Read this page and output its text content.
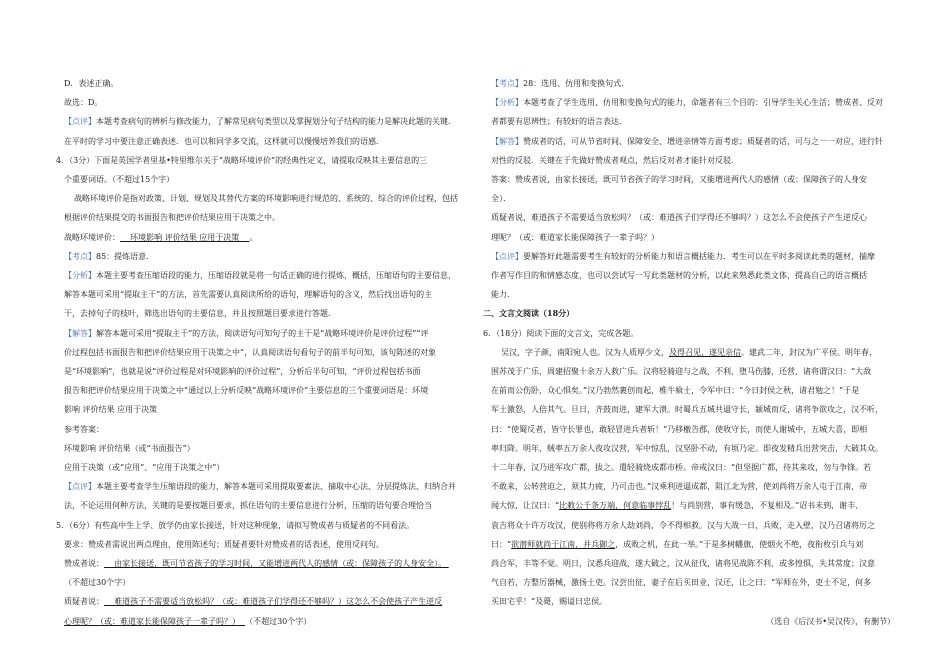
D．表述正确。

故选：D。

【点评】本题考查病句的辨析与修改能力，了解常见病句类型以及掌握划分句子结构的能力是解决此题的关键．

在平时的学习中要注意正确表述．也可以和同学多交流，这样就可以慢慢培养我们的语感．

4．（3分）下面是英国学者里基•特里维尔关于“战略环境评价”的经典性定义，请提取反映其主要信息的三

个重要词语。（不超过15个字）

战略环境评价是指对政策、计划、规划及其替代方案的环境影响进行规范的、系统的、综合的评价过程，包括

根据评价结果提交的书面报告和把评价结果应用于决策之中。

战略环境评价：    环境影响 评价结果 应用于决策    。

【考点】85：提炼语意．

【分析】本题主要考查压缩语段的能力，压缩语段就是将一句话正确的进行提炼，概括，压缩语句的主要信息，

解答本题可采用“提取主干”的方法，首先需要认真阅读所给的语句，理解语句的含义，然后找出语句的主

干，去掉句子的枝叶，筛选出语句的主要信息，并且按照题目要求进行答题．

【解答】解答本题可采用“提取主干”的方法，阅读语句可知句子的主干是“战略环境评价是评价过程”“评

价过程包括书面报告和把评价结果应用于决策之中”，认真阅读语句看句子的前半句可知，该句陈述的对象

是“环境影响”，也就是说“评价过程是对环境影响的评价过程”，分析后半句可知，“评价过程包括书面

报告和把评价结果应用于决策之中”通过以上分析反映“战略环境评价”主要信息的三个重要词语是：环境

影响 评价结果 应用于决策

参考答案：

环境影响 评价结果（或“书面报告”）

应用于决策（或“应用”、“应用于决策之中”）

【点评】本题主要考查学生压缩语段的能力，解答本题可采用提取要素法、摘取中心法、分层提炼法、归纳合并

法，不论运用何种方法，关键的是要按题目要求，抓住语句的主要信息进行分析，压缩的语句要合理恰当

5．（6分）有些高中生上学、放学仍由家长接送，针对这种现象，请拟写赞成者与质疑者的不同看法。

要求：赞成者需说出两点理由，使用陈述句；质疑者要针对赞成者的话表述，使用反问句。

赞成者说：    由家长接送，既可节省孩子的学习时间，又能增进两代人的感情（或：保障孩子的人身安全）。

（不超过30个字）

质疑者说：    难道孩子不需要适当放松吗？（或：难道孩子们学得还不够吗？）这怎么不会使孩子产生逆反

心理呢？（或：难道家长能保障孩子一辈子吗？）  （不超过30个字）

【考点】28：选用、仿用和变换句式．

【分析】本题考查了学生选用、仿用和变换句式的能力，命题者有三个目的：引导学生关心生活；赞成者、反对

者都要有思辨性；有较好的语言表达．

【解答】赞成者的话，可从节省时间、保障安全、增进亲情等方面考虑；质疑者的话，可与之一一对应，进行针

对性的反驳．关键在于先做好赞成者观点，然后反对者才能针对反驳．

答案：赞成者说，由家长接送，既可节省孩子的学习时间，又能增进两代人的感情（或：保障孩子的人身安

全）．

质疑者说，难道孩子不需要适当放松吗？（或：难道孩子们学得还不够吗？）这怎么不会使孩子产生逆反心

理呢？（或：难道家长能保障孩子一辈子吗？）

【点评】要解答好此题需要考生有较好的分析能力和语言概括能力．考生可以在平时多阅读此类的题材，揣摩

作者写作目的和情感态度，也可以尝试写一写此类题材的分析，以此来熟悉此类文体，提高自己的语言概括

能力．

二、文言文阅读（18分）

6．（18分）阅读下面的文言文，完成各题。

吴汉，字子颜，南阳宛人也。汉为人质厚少文，及得召见，遂见亲信。建武二年，封汉为广平侯。明年春，

围苏茂于广乐，周建招聚十余万人救广乐。汉将轻骑迎与之战，不利，堕马伤膝，还营，诸将谓汉曰：“大敌

在前而公伤卧，众心惧矣。”汉乃勃然裹创而起，椎牛飨士，令军中曰：“今日封侯之秋，诸君勉之！”于是

军士激怒，人倍其气。旦日，齐鼓而进，建军大溃。时蜀兵五城共逼守长，颍城而反，诸将争欲攻之，汉不听，

曰：“使蜀反者，皆守长罪也，敢轻冒进兵者斩！”乃移檄告郡，使收守长，而使人谢城中，五城大喜，即相

率归降。明年，贼率五万余人夜攻汉营，军中惊乱，汉坚卧不动，有顷乃定。即夜发精兵出营突击，大破其众。

十二年春，汉乃进军攻广都，拔之。遣轻骑烧成都市桥。帝戒汉曰：“但坚据广都，待其来攻，勿与争锋。若

不敢来，公转营迫之，须其力疲，乃可击也。”汉乘利进逼成都，阻江北为营，使刘尚将万余人屯于江南，帝

闻大惊，让汉曰：“比敕公千条万端，何意临事悖乱！与尚别营，事有缓急，不复相及。”诏书未到，谢丰、

袁吉将众十许万攻汉，使别将将万余人劫刘尚，令不得相救。汉与大战一日，兵败，走入壁，汉乃召诸将厉之

曰：“欲潜师就尚于江南，并兵御之，成败之机，在此一举。”于是多树幡旗，使烟火不绝，夜衔枚引兵与刘

尚合军，丰等不觉。明日，汉悉兵迎战，遂大破之，汉从征伐，诸将见战陈不利，或多惶惧，失其常度；汉意

气自若，方整厉器械，激扬士吏。汉尝出征，妻子在后买田业，汉还，让之曰：“军师在外，吏士不足，何多

买田宅乎！”及薨，赐谥曰忠侯。

（选自《后汉书•吴汉传》，有删节）
